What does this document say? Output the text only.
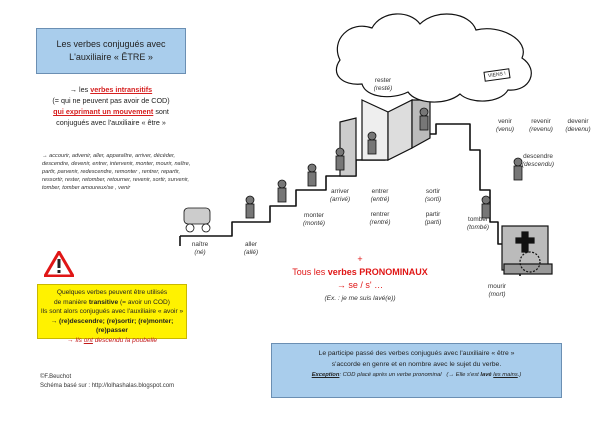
Les verbes conjugués avec
L'auxiliaire « ÊTRE »
→ les verbes intransitifs
(= qui ne peuvent pas avoir de COD)
qui exprimant un mouvement sont
conjugués avec l'auxiliaire « être »
→ accourir, advenir, aller, apparaître, arriver, décéder, descendre, devenir, entrer, intervenir, monter, mourir, naître, partir, parvenir, redescendre, remonter , rentrer, repartir, ressortir, rester, retomber, retourner, revenir, sortir, survenir, tomber, tomber amoureux/se , venir
Quelques verbes peuvent être utilisés
de manière transitive (= avoir un COD)
Ils sont alors conjugués avec l'auxiliaire « avoir »
→ (re)descendre; (re)sortir; (re)monter; (re)passer
→ Ils ont descendu la poubelle
+
Tous les verbes PRONOMINAUX
→ se / s' …
(Ex. : je me suis lavé(e))
Le participe passé des verbes conjugués avec l'auxiliaire « être »
s'accorde en genre et en nombre avec le sujet du verbe.
Exception: COD placé après un verbe pronominal (→ Elle s'est lavé les mains.)
©F.Beuchot
Schéma basé sur : http://lolhashalas.blogspot.com
naître
(né)
aller
(allé)
monter
(monté)
arriver
(arrivé)
entrer
(entré)
rentrer
(rentré)
sortir
(sorti)
partir
(parti)
rester
(resté)
venir
(venu)
revenir
(revenu)
devenir
(devenu)
descendre
(descendu)
tomber
(tombé)
mourir
(mort)
VIENS !
